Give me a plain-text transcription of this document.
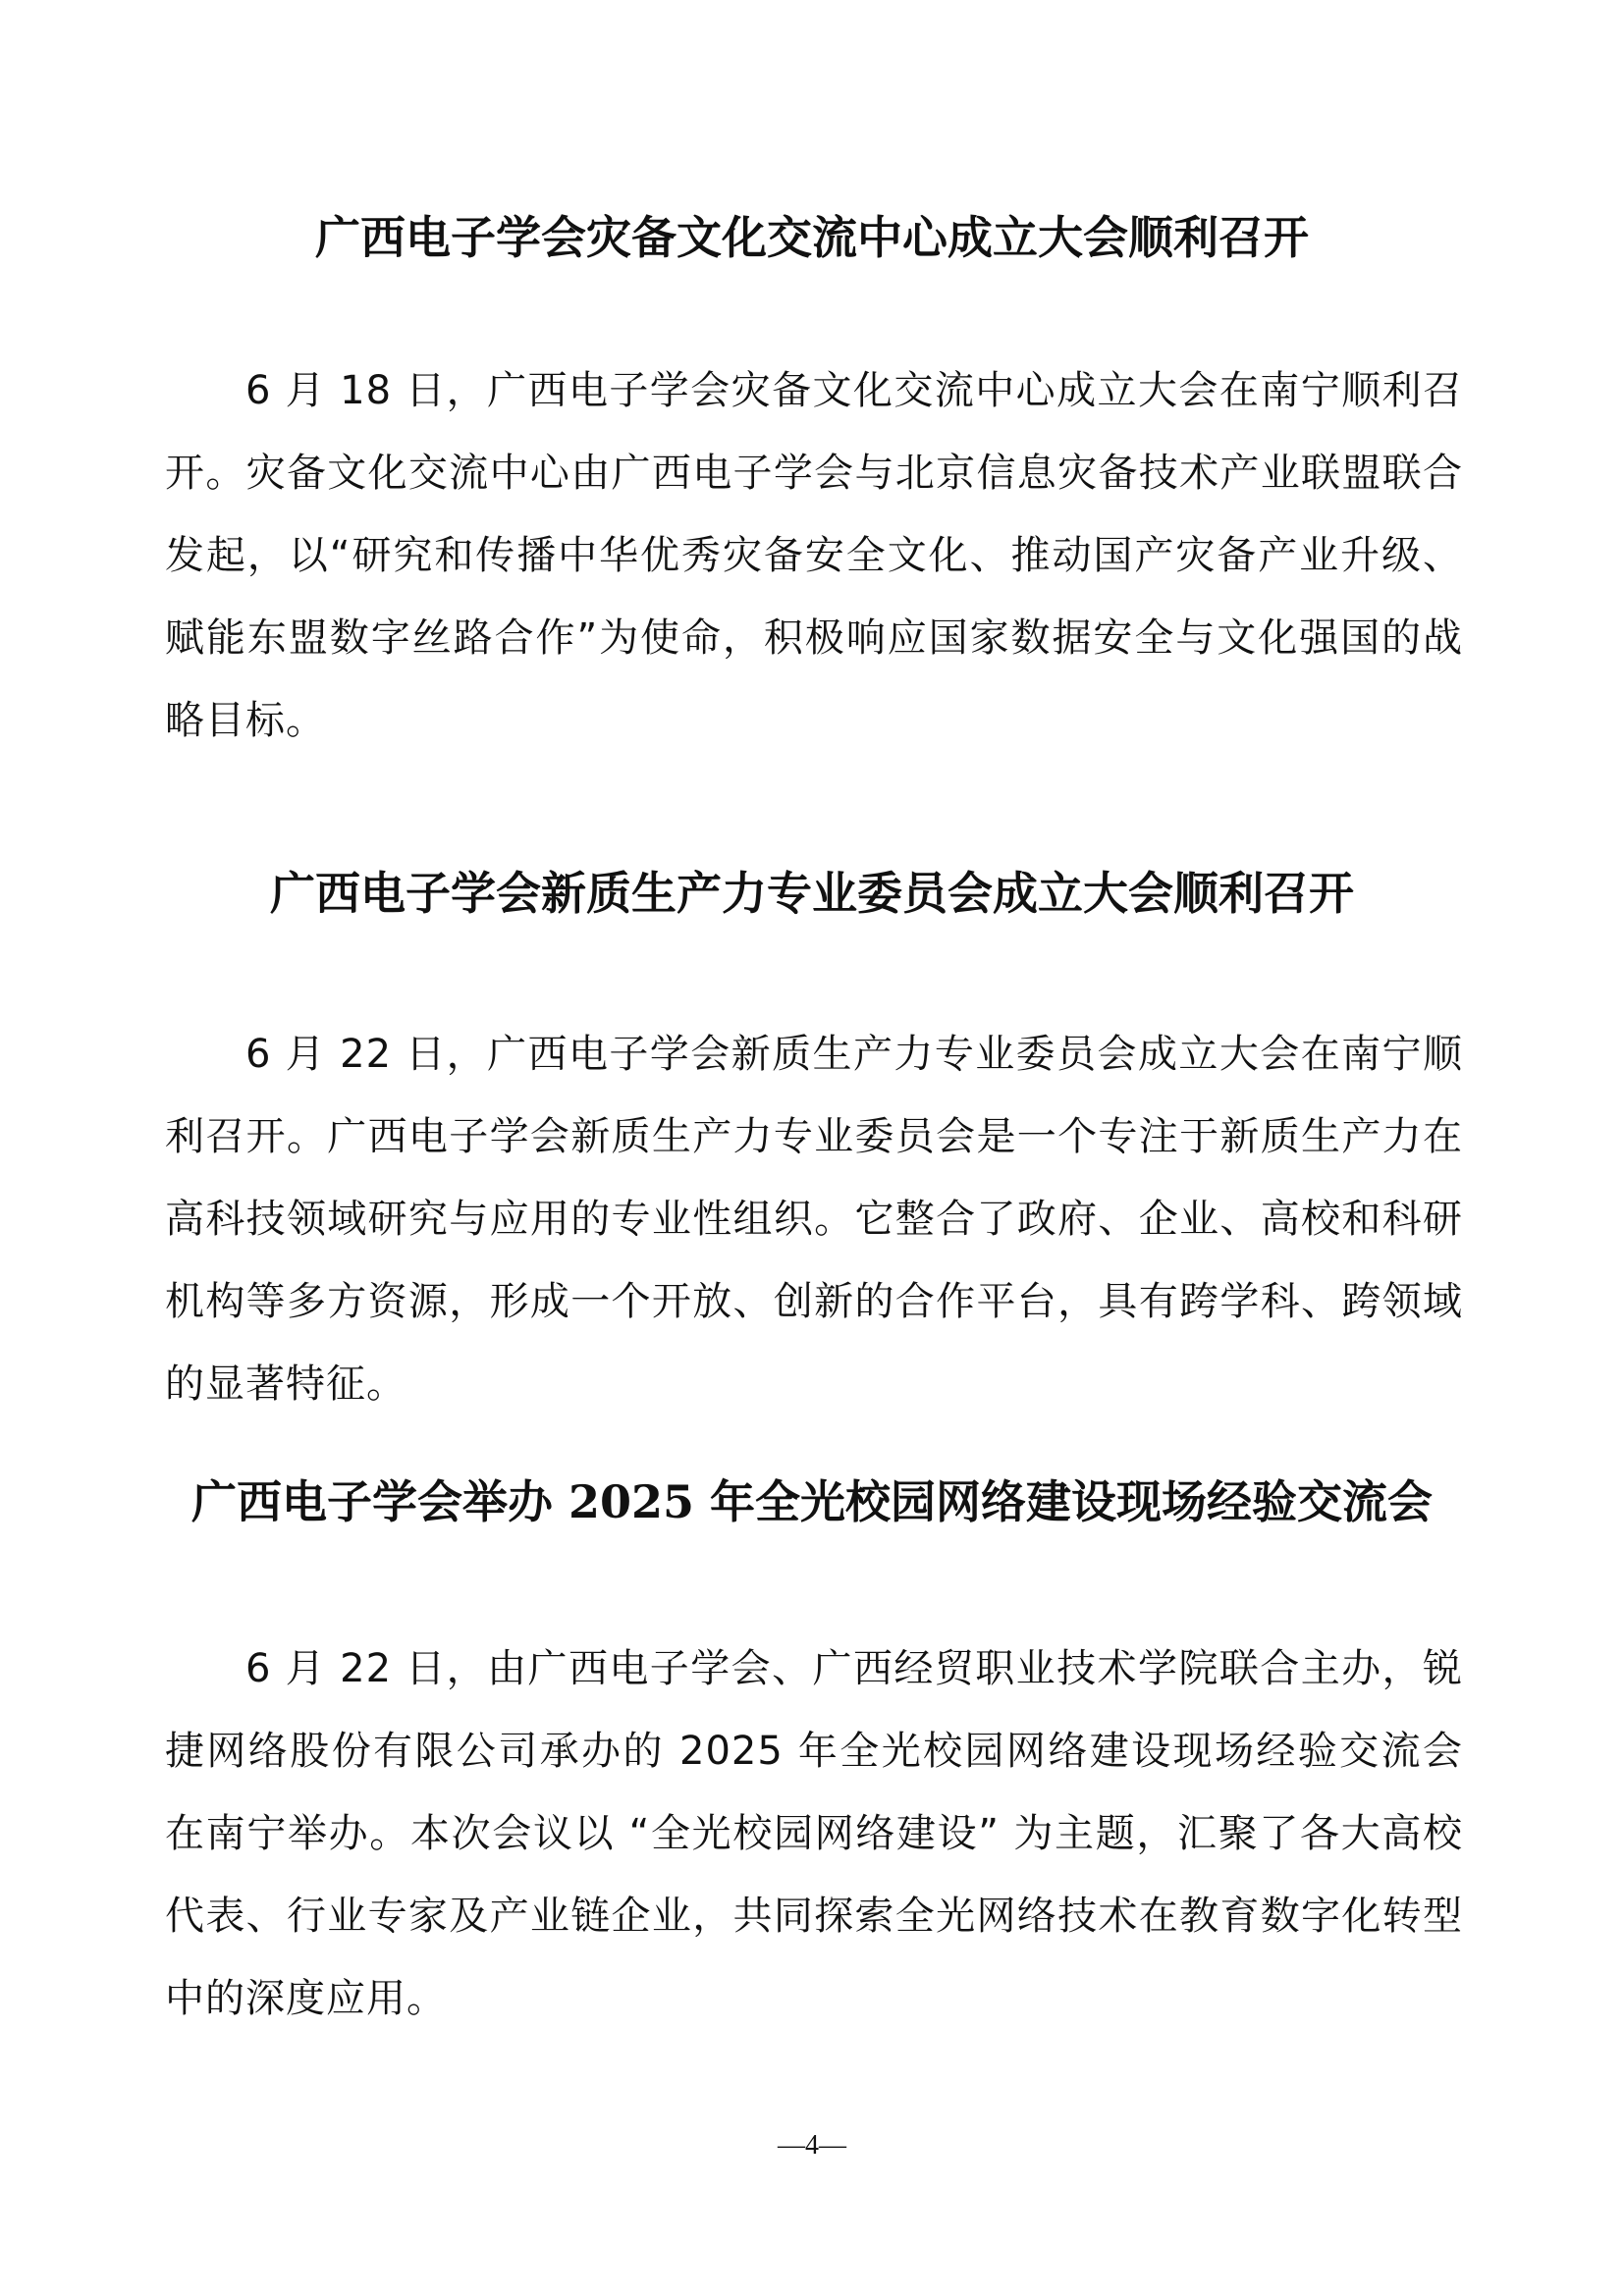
广西电子学会灾备文化交流中心成立大会顺利召开

6 月 18 日，广西电子学会灾备文化交流中心成立大会在南宁顺利召开。灾备文化交流中心由广西电子学会与北京信息灾备技术产业联盟联合发起，以“研究和传播中华优秀灾备安全文化、推动国产灾备产业升级、赋能东盟数字丝路合作”为使命，积极响应国家数据安全与文化强国的战略目标。

广西电子学会新质生产力专业委员会成立大会顺利召开

6 月 22 日，广西电子学会新质生产力专业委员会成立大会在南宁顺利召开。广西电子学会新质生产力专业委员会是一个专注于新质生产力在高科技领域研究与应用的专业性组织。它整合了政府、企业、高校和科研机构等多方资源，形成一个开放、创新的合作平台，具有跨学科、跨领域的显著特征。

广西电子学会举办 2025 年全光校园网络建设现场经验交流会

6 月 22 日，由广西电子学会、广西经贸职业技术学院联合主办，锐捷网络股份有限公司承办的 2025 年全光校园网络建设现场经验交流会在南宁举办。本次会议以 “全光校园网络建设” 为主题，汇聚了各大高校代表、行业专家及产业链企业，共同探索全光网络技术在教育数字化转型中的深度应用。

—4—
